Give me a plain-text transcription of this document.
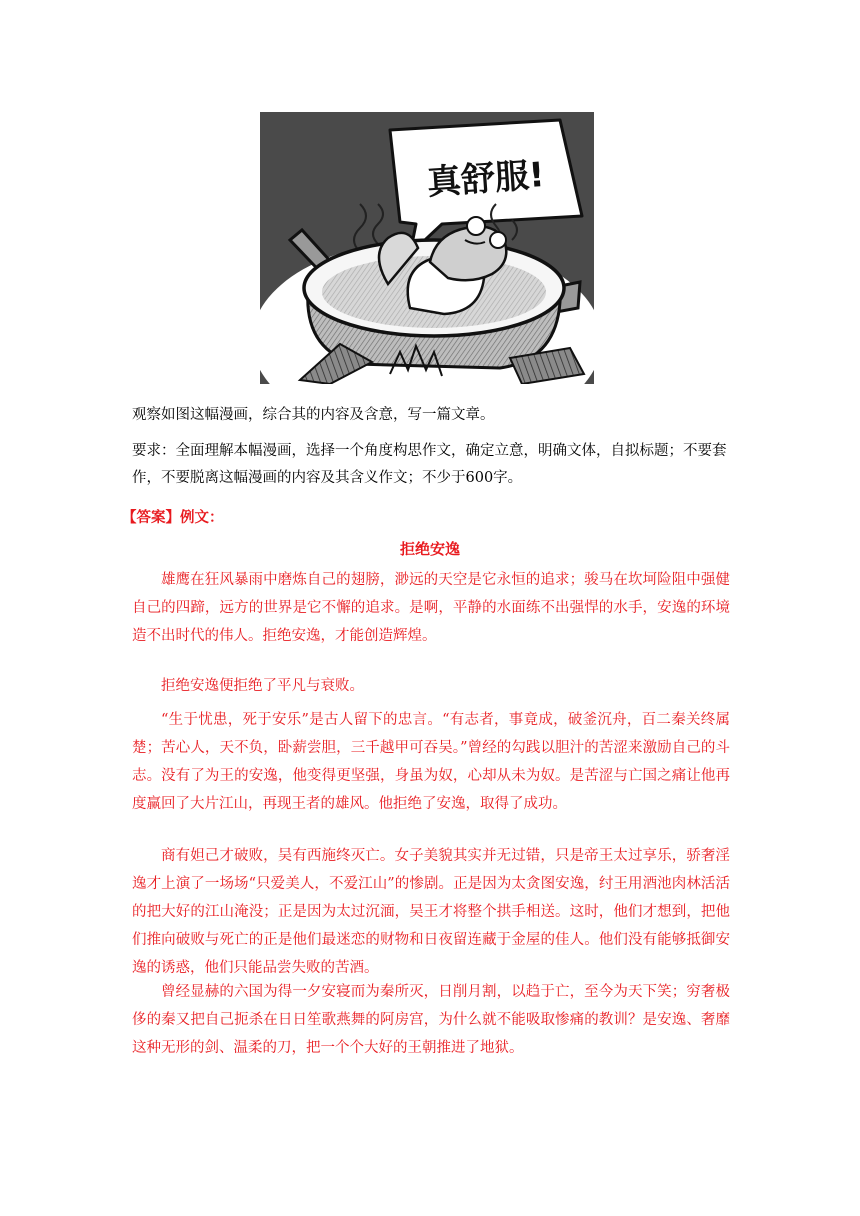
真舒服!
观察如图这幅漫画，综合其的内容及含意，写一篇文章。
要求：全面理解本幅漫画，选择一个角度构思作文，确定立意，明确文体，自拟标题；不要套作，不要脱离这幅漫画的内容及其含义作文；不少于600字。
【答案】例文：
拒绝安逸
雄鹰在狂风暴雨中磨炼自己的翅膀，渺远的天空是它永恒的追求；骏马在坎坷险阻中强健自己的四蹄，远方的世界是它不懈的追求。是啊，平静的水面练不出强悍的水手，安逸的环境造不出时代的伟人。拒绝安逸，才能创造辉煌。
拒绝安逸便拒绝了平凡与衰败。
“生于忧患，死于安乐”是古人留下的忠言。“有志者，事竟成，破釜沉舟，百二秦关终属楚；苦心人，天不负，卧薪尝胆，三千越甲可吞吴。”曾经的勾践以胆汁的苦涩来激励自己的斗志。没有了为王的安逸，他变得更坚强，身虽为奴，心却从未为奴。是苦涩与亡国之痛让他再度赢回了大片江山，再现王者的雄风。他拒绝了安逸，取得了成功。
商有妲己才破败，吴有西施终灭亡。女子美貌其实并无过错，只是帝王太过享乐，骄奢淫逸才上演了一场场“只爱美人，不爱江山”的惨剧。正是因为太贪图安逸，纣王用酒池肉林活活的把大好的江山淹没；正是因为太过沉湎，吴王才将整个拱手相送。这时，他们才想到，把他们推向破败与死亡的正是他们最迷恋的财物和日夜留连藏于金屋的佳人。他们没有能够抵御安逸的诱惑，他们只能品尝失败的苦酒。
曾经显赫的六国为得一夕安寝而为秦所灭，日削月割，以趋于亡，至今为天下笑；穷奢极侈的秦又把自己扼杀在日日笙歌燕舞的阿房宫，为什么就不能吸取惨痛的教训？是安逸、奢靡这种无形的剑、温柔的刀，把一个个大好的王朝推进了地狱。
